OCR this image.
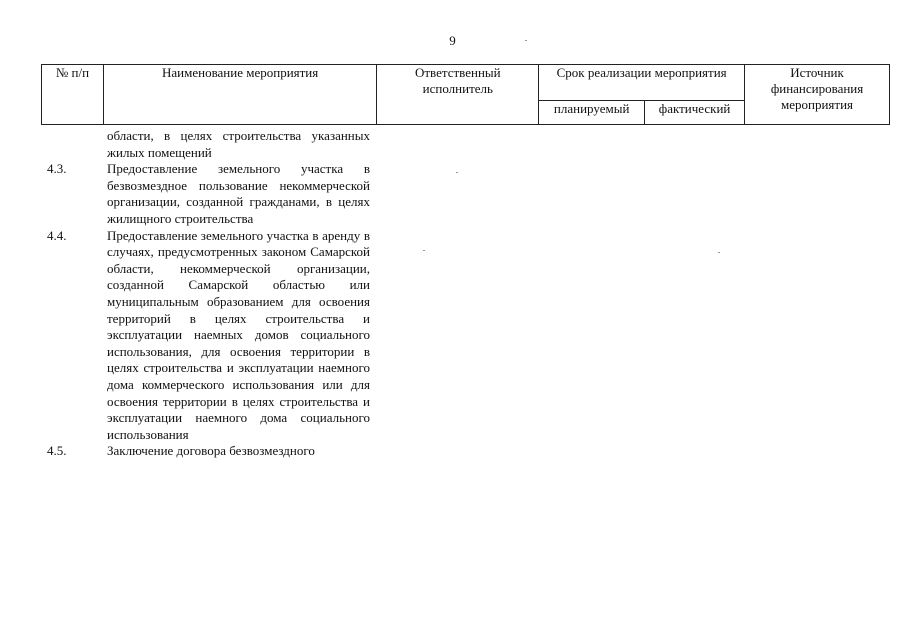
9
№ п/п	Наименование мероприятия	Ответственный исполнитель	Срок реализации мероприятия		Источник финансирования мероприятия
			планируемый	фактический	
области, в целях строительства указанных жилых помещений
4.3.	Предоставление земельного участка в безвозмездное пользование некоммерческой организации, созданной гражданами, в целях жилищного строительства
4.4.	Предоставление земельного участка в аренду в случаях, предусмотренных законом Самарской области, некоммерческой организации, созданной Самарской областью или муниципальным образованием для освоения территорий в целях строительства и эксплуатации наемных домов социального использования, для освоения территории в целях строительства и эксплуатации наемного дома коммерческого использования или для освоения территории в целях строительства и эксплуатации наемного дома социального использования
4.5.	Заключение договора безвозмездного
